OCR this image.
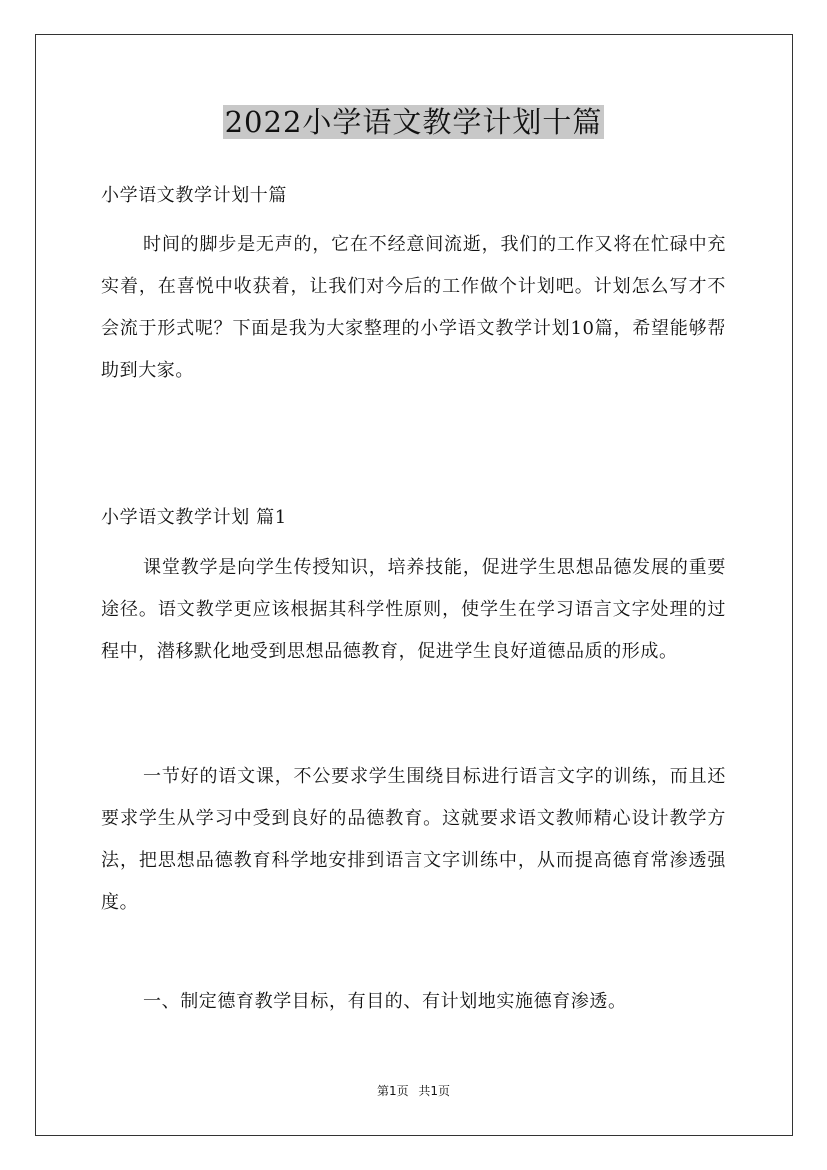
2022小学语文教学计划十篇

小学语文教学计划十篇

时间的脚步是无声的，它在不经意间流逝，我们的工作又将在忙碌中充实着，在喜悦中收获着，让我们对今后的工作做个计划吧。计划怎么写才不会流于形式呢？下面是我为大家整理的小学语文教学计划10篇，希望能够帮助到大家。

小学语文教学计划 篇1

课堂教学是向学生传授知识，培养技能，促进学生思想品德发展的重要途径。语文教学更应该根据其科学性原则，使学生在学习语言文字处理的过程中，潜移默化地受到思想品德教育，促进学生良好道德品质的形成。

一节好的语文课，不公要求学生围绕目标进行语言文字的训练，而且还要求学生从学习中受到良好的品德教育。这就要求语文教师精心设计教学方法，把思想品德教育科学地安排到语言文字训练中，从而提高德育常渗透强度。

一、制定德育教学目标，有目的、有计划地实施德育渗透。

第1页 共1页
